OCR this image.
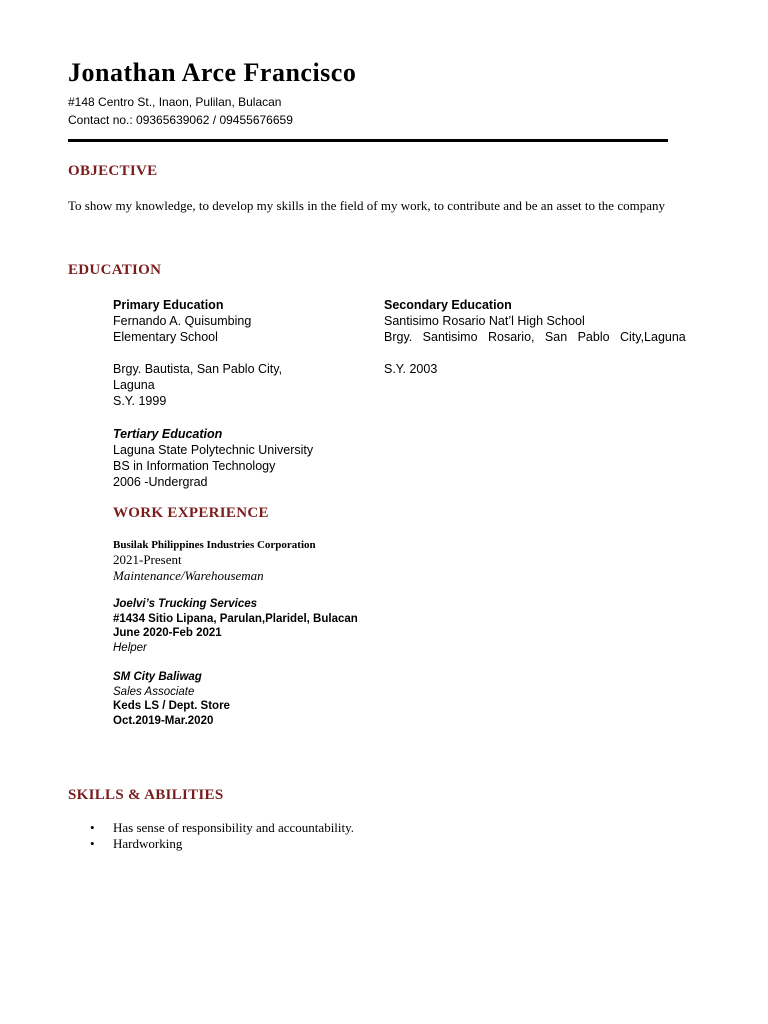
Jonathan Arce Francisco
#148 Centro St., Inaon, Pulilan, Bulacan
Contact no.: 09365639062 / 09455676659
OBJECTIVE
To show my knowledge, to develop my skills in the field of my work, to contribute and be an asset to the company
EDUCATION
Primary Education
Fernando A. Quisumbing
Elementary School
Brgy. Bautista, San Pablo City,
Laguna
S.Y. 1999
Secondary Education
Santisimo Rosario Nat’l High School
Brgy.   Santisimo   Rosario,   San   Pablo   City,Laguna
S.Y. 2003
Tertiary Education
Laguna State Polytechnic University
BS in Information Technology
2006 -Undergrad
WORK EXPERIENCE
Busilak Philippines Industries Corporation
2021-Present
Maintenance/Warehouseman
Joelvi’s Trucking Services
#1434 Sitio Lipana, Parulan,Plaridel, Bulacan
June 2020-Feb 2021
Helper
SM City Baliwag
Sales Associate
Keds LS / Dept. Store
Oct.2019-Mar.2020
SKILLS & ABILITIES
•	Has sense of responsibility and accountability.
•	Hardworking
